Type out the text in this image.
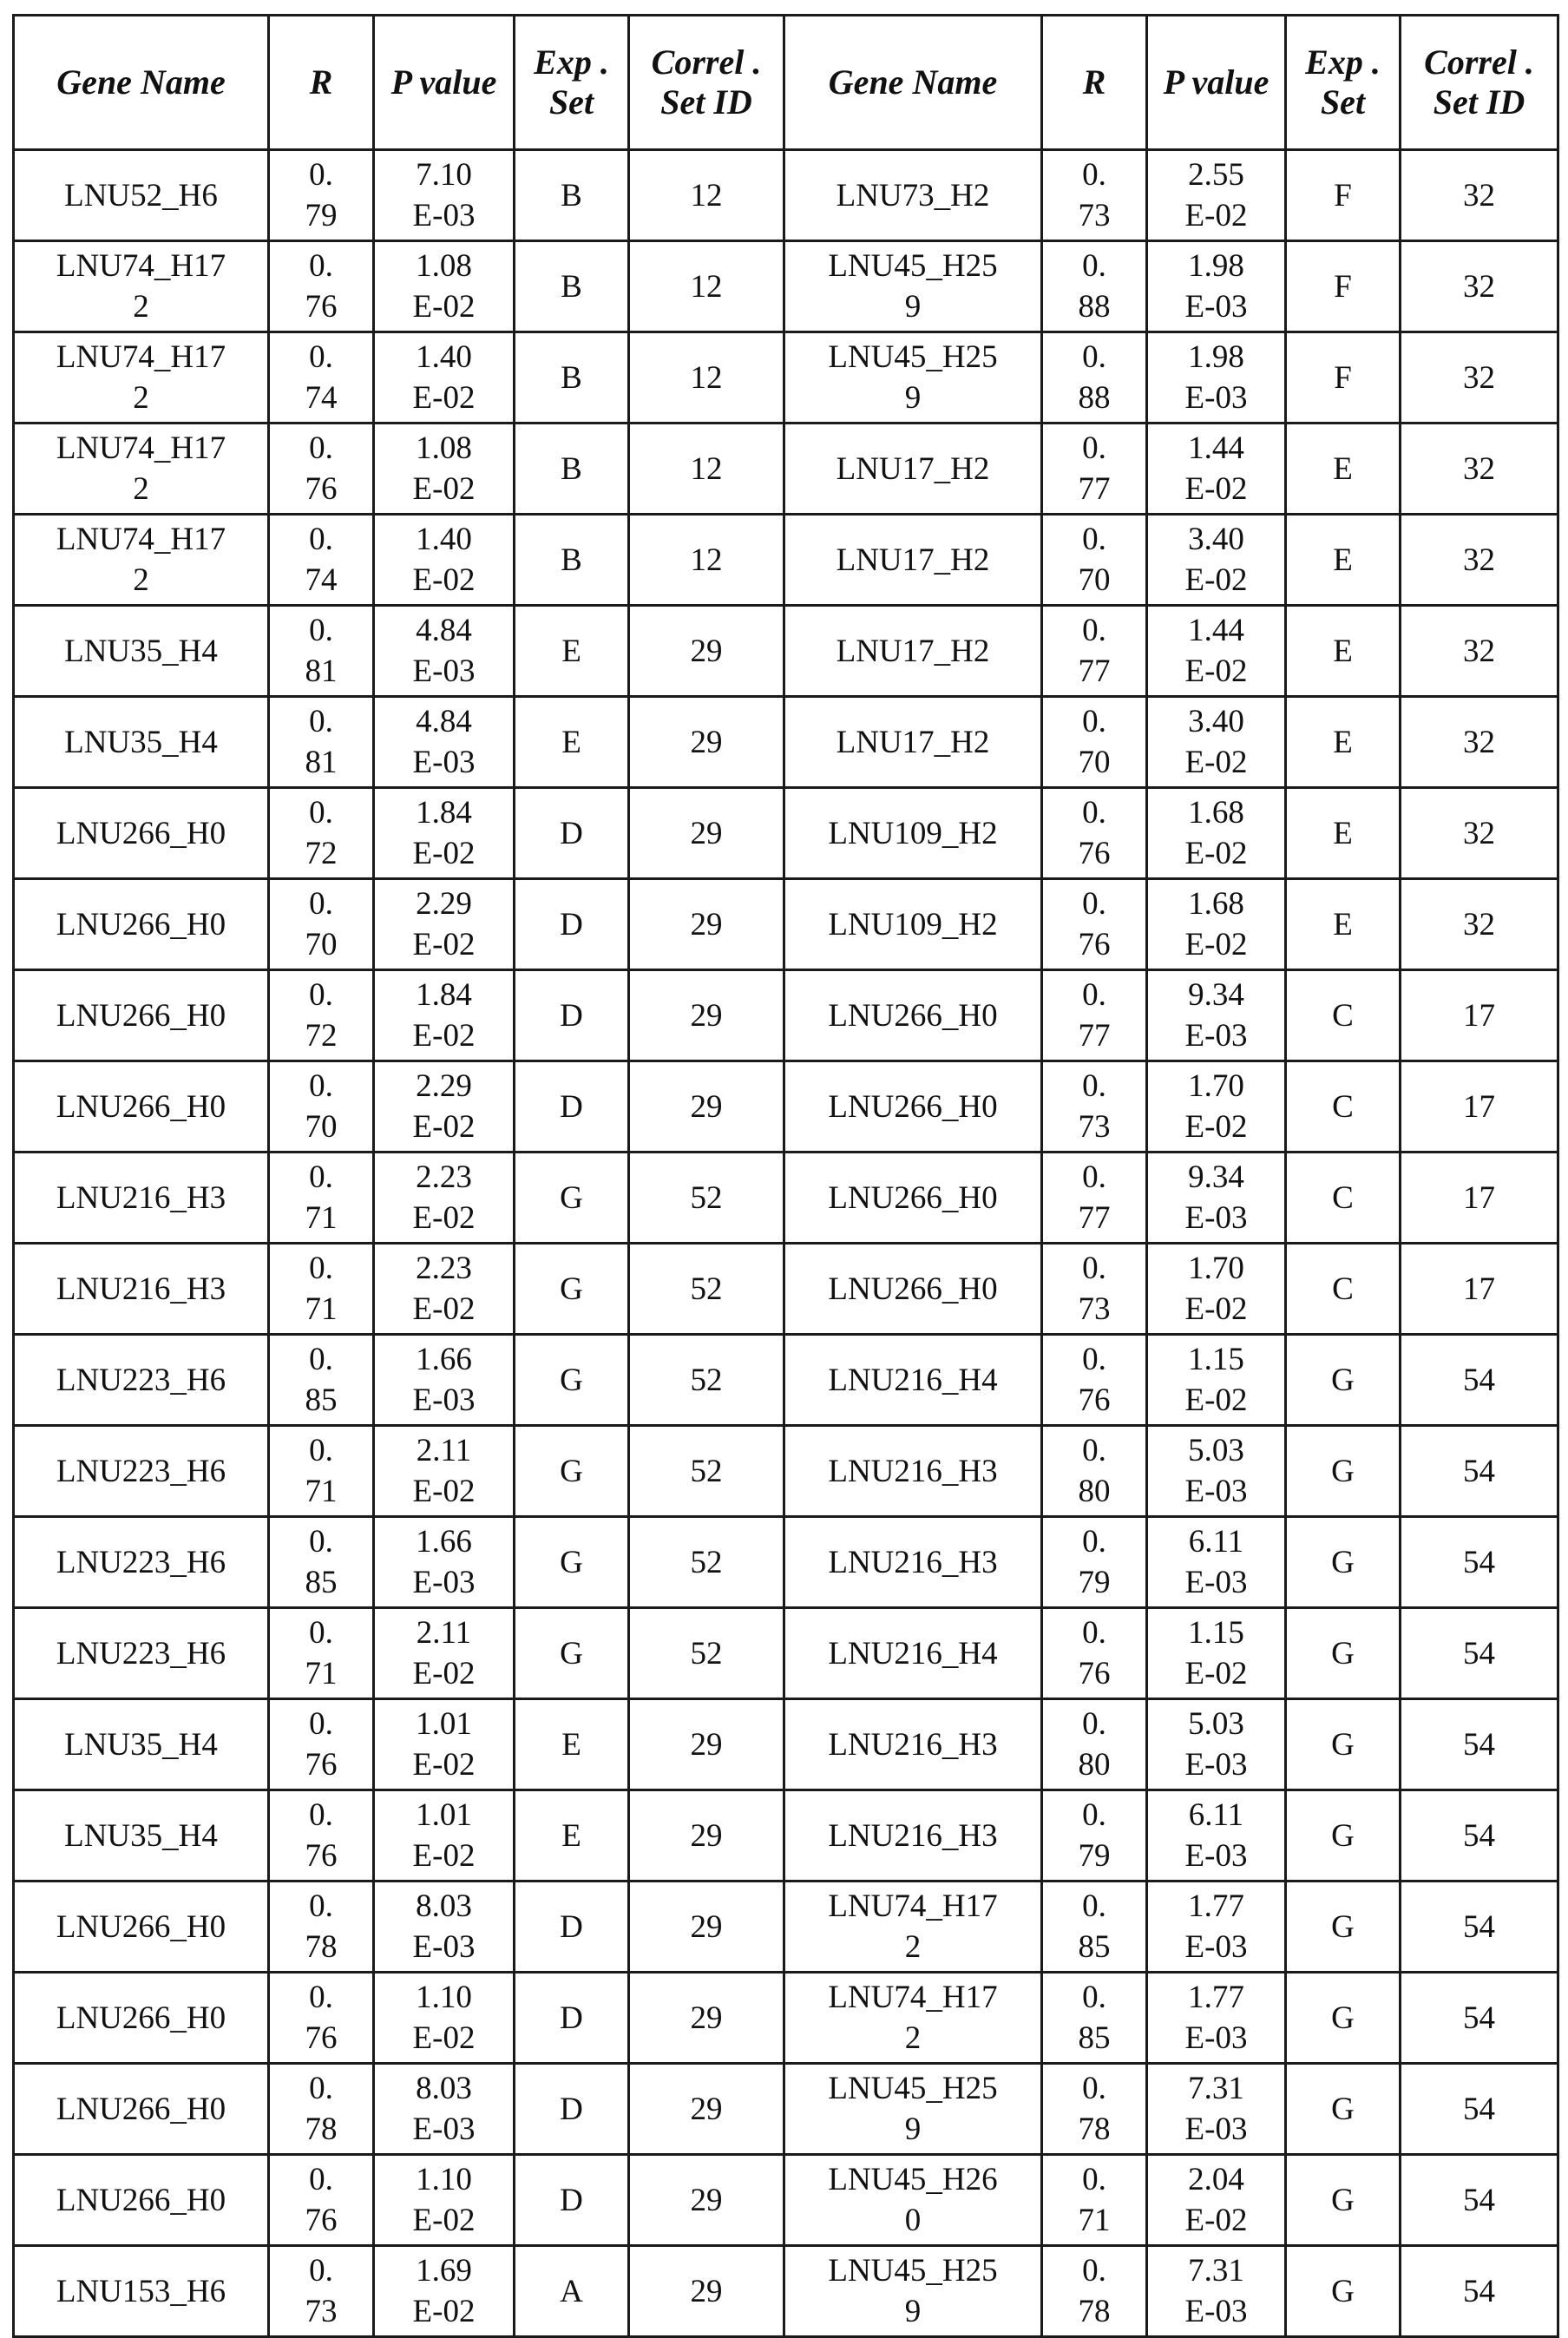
Gene Name	R	P value	Exp . Set	Correl . Set ID	Gene Name	R	P value	Exp . Set	Correl . Set ID
LNU52_H6	0.79	7.10E-03	B	12	LNU73_H2	0.73	2.55E-02	F	32
LNU74_H172	0.76	1.08E-02	B	12	LNU45_H259	0.88	1.98E-03	F	32
LNU74_H172	0.74	1.40E-02	B	12	LNU45_H259	0.88	1.98E-03	F	32
LNU74_H172	0.76	1.08E-02	B	12	LNU17_H2	0.77	1.44E-02	E	32
LNU74_H172	0.74	1.40E-02	B	12	LNU17_H2	0.70	3.40E-02	E	32
LNU35_H4	0.81	4.84E-03	E	29	LNU17_H2	0.77	1.44E-02	E	32
LNU35_H4	0.81	4.84E-03	E	29	LNU17_H2	0.70	3.40E-02	E	32
LNU266_H0	0.72	1.84E-02	D	29	LNU109_H2	0.76	1.68E-02	E	32
LNU266_H0	0.70	2.29E-02	D	29	LNU109_H2	0.76	1.68E-02	E	32
LNU266_H0	0.72	1.84E-02	D	29	LNU266_H0	0.77	9.34E-03	C	17
LNU266_H0	0.70	2.29E-02	D	29	LNU266_H0	0.73	1.70E-02	C	17
LNU216_H3	0.71	2.23E-02	G	52	LNU266_H0	0.77	9.34E-03	C	17
LNU216_H3	0.71	2.23E-02	G	52	LNU266_H0	0.73	1.70E-02	C	17
LNU223_H6	0.85	1.66E-03	G	52	LNU216_H4	0.76	1.15E-02	G	54
LNU223_H6	0.71	2.11E-02	G	52	LNU216_H3	0.80	5.03E-03	G	54
LNU223_H6	0.85	1.66E-03	G	52	LNU216_H3	0.79	6.11E-03	G	54
LNU223_H6	0.71	2.11E-02	G	52	LNU216_H4	0.76	1.15E-02	G	54
LNU35_H4	0.76	1.01E-02	E	29	LNU216_H3	0.80	5.03E-03	G	54
LNU35_H4	0.76	1.01E-02	E	29	LNU216_H3	0.79	6.11E-03	G	54
LNU266_H0	0.78	8.03E-03	D	29	LNU74_H172	0.85	1.77E-03	G	54
LNU266_H0	0.76	1.10E-02	D	29	LNU74_H172	0.85	1.77E-03	G	54
LNU266_H0	0.78	8.03E-03	D	29	LNU45_H259	0.78	7.31E-03	G	54
LNU266_H0	0.76	1.10E-02	D	29	LNU45_H260	0.71	2.04E-02	G	54
LNU153_H6	0.73	1.69E-02	A	29	LNU45_H259	0.78	7.31E-03	G	54
